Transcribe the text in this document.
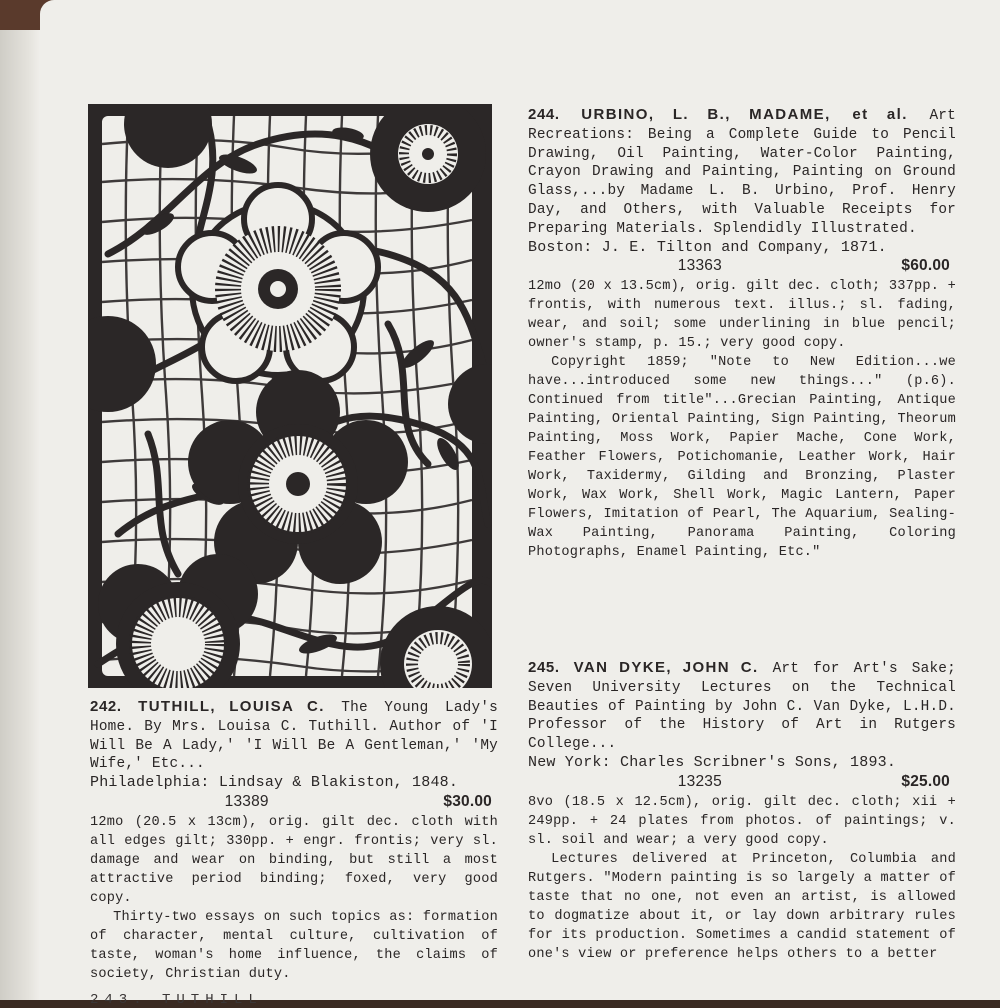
242. TUTHILL, LOUISA C. The Young Lady's Home. By Mrs. Louisa C. Tuthill. Author of 'I Will Be A Lady,' 'I Will Be A Gentleman,' 'My Wife,' Etc...

Philadelphia: Lindsay & Blakiston, 1848.

13389	$30.00

12mo (20.5 x 13cm), orig. gilt dec. cloth with all edges gilt; 330pp. + engr. frontis; very sl. damage and wear on binding, but still a most attractive period binding; foxed, very good copy.

Thirty-two essays on such topics as: formation of character, mental culture, cultivation of taste, woman's home influence, the claims of society, Christian duty.

244. URBINO, L. B., MADAME, et al. Art Recreations: Being a Complete Guide to Pencil Drawing, Oil Painting, Water-Color Painting, Crayon Drawing and Painting, Painting on Ground Glass,...by Madame L. B. Urbino, Prof. Henry Day, and Others, with Valuable Receipts for Preparing Materials. Splendidly Illustrated.

Boston: J. E. Tilton and Company, 1871.

13363	$60.00

12mo (20 x 13.5cm), orig. gilt dec. cloth; 337pp. + frontis, with numerous text. illus.; sl. fading, wear, and soil; some underlining in blue pencil; owner's stamp, p. 15.; very good copy.

Copyright 1859; "Note to New Edition...we have...introduced some new things..." (p.6). Continued from title"...Grecian Painting, Antique Painting, Oriental Painting, Sign Painting, Theorum Painting, Moss Work, Papier Mache, Cone Work, Feather Flowers, Potichomanie, Leather Work, Hair Work, Taxidermy, Gilding and Bronzing, Plaster Work, Wax Work, Shell Work, Magic Lantern, Paper Flowers, Imitation of Pearl, The Aquarium, Sealing-Wax Painting, Panorama Painting, Coloring Photographs, Enamel Painting, Etc."

245. VAN DYKE, JOHN C. Art for Art's Sake; Seven University Lectures on the Technical Beauties of Painting by John C. Van Dyke, L.H.D. Professor of the History of Art in Rutgers College...

New York: Charles Scribner's Sons, 1893.

13235	$25.00

8vo (18.5 x 12.5cm), orig. gilt dec. cloth; xii + 249pp. + 24 plates from photos. of paintings; v. sl. soil and wear; a very good copy.

Lectures delivered at Princeton, Columbia and Rutgers. "Modern painting is so largely a matter of taste that no one, not even an artist, is allowed to dogmatize about it, or lay down arbitrary rules for its production. Sometimes a candid statement of one's view or preference helps others to a better

243. TUTHILL
